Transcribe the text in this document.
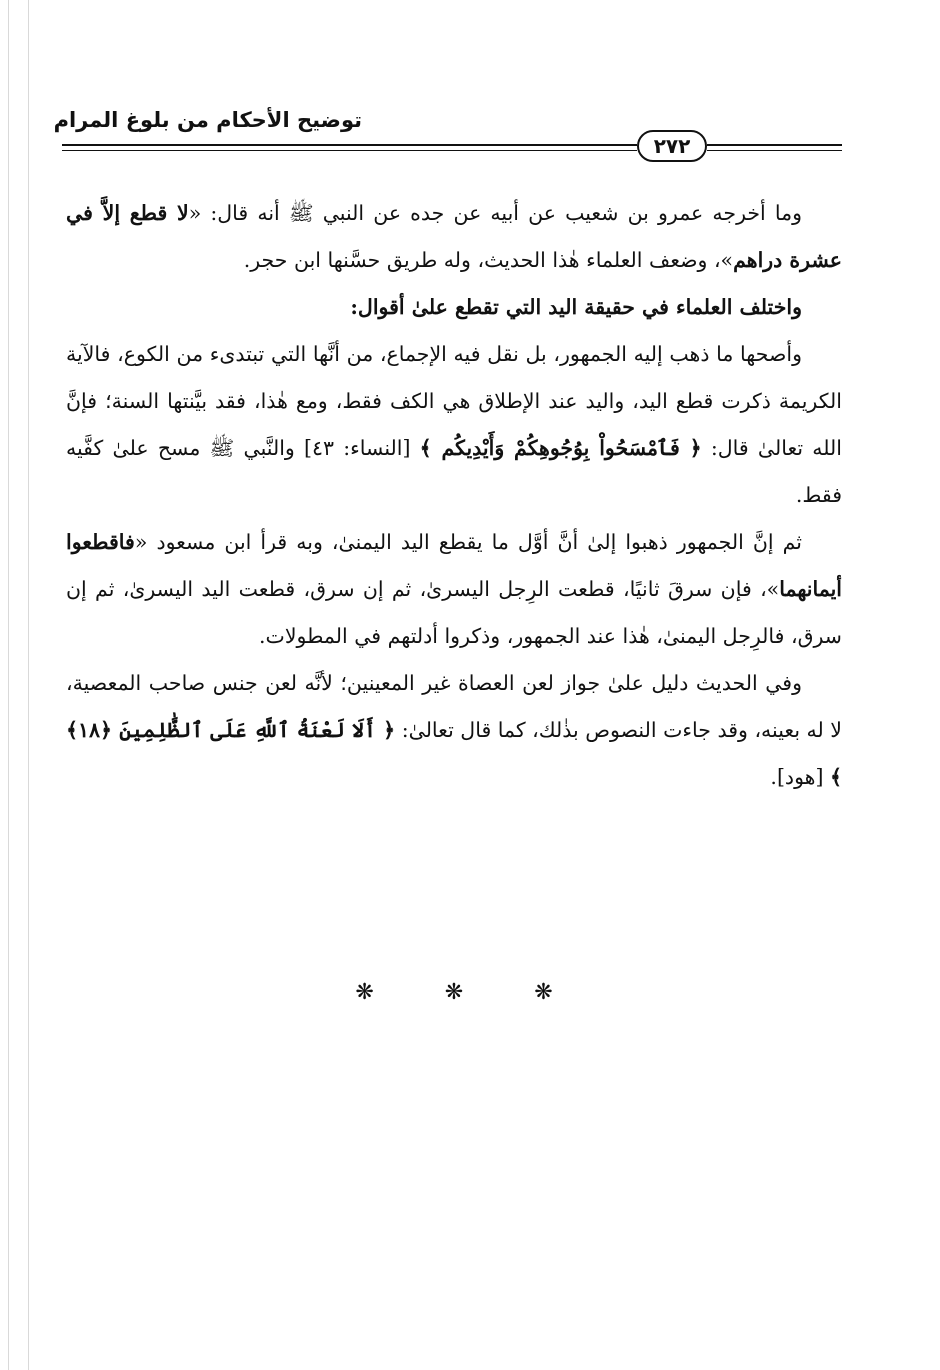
توضيح الأحكام من بلوغ المرام
٢٧٢

وما أخرجه عمرو بن شعيب عن أبيه عن جده عن النبي ﷺ أنه قال: «لا قطع إلاَّ في عشرة دراهم»، وضعف العلماء هٰذا الحديث، وله طريق حسَّنها ابن حجر.

واختلف العلماء في حقيقة اليد التي تقطع علىٰ أقوال:

وأصحها ما ذهب إليه الجمهور، بل نقل فيه الإجماع، من أنَّها التي تبتدىء من الكوع، فالآية الكريمة ذكرت قطع اليد، واليد عند الإطلاق هي الكف فقط، ومع هٰذا، فقد بيَّنتها السنة؛ فإنَّ الله تعالىٰ قال: ﴿ فَٱمْسَحُواْ بِوُجُوهِكُمْ وَأَيْدِيكُم ﴾ [النساء: ٤٣] والنَّبي ﷺ مسح علىٰ كفَّيه فقط.

ثم إنَّ الجمهور ذهبوا إلىٰ أنَّ أوَّل ما يقطع اليد اليمنىٰ، وبه قرأ ابن مسعود «فاقطعوا أيمانهما»، فإن سرقَ ثانيًا، قطعت الرِجل اليسرىٰ، ثم إن سرق، قطعت اليد اليسرىٰ، ثم إن سرق، فالرِجل اليمنىٰ، هٰذا عند الجمهور، وذكروا أدلتهم في المطولات.

وفي الحديث دليل علىٰ جواز لعن العصاة غير المعينين؛ لأنَّه لعن جنس صاحب المعصية، لا له بعينه، وقد جاءت النصوص بذٰلك، كما قال تعالىٰ: ﴿ أَلَا لَعْنَةُ ٱللَّهِ عَلَى ٱلظَّٰلِمِينَ ﴿١٨﴾ ﴾ [هود].

❋ ❋ ❋
